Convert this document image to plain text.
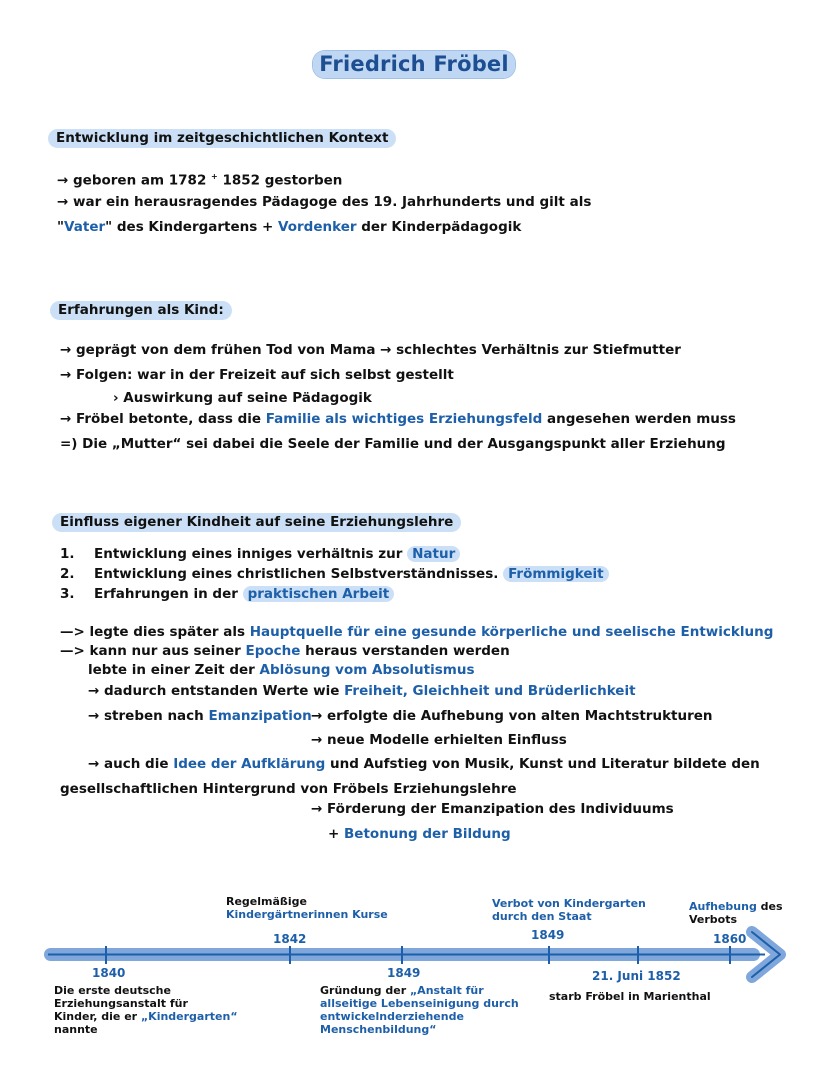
Friedrich Fröbel
Entwicklung im zeitgeschichtlichen Kontext
→ geboren am 1782 + 1852 gestorben
→ war ein herausragendes Pädagoge des 19. Jahrhunderts und gilt als
"Vater" des Kindergartens + Vordenker der Kinderpädagogik
Erfahrungen als Kind:
→ geprägt von dem frühen Tod von Mama → schlechtes Verhältnis zur Stiefmutter
→ Folgen: war in der Freizeit auf sich selbst gestellt
› Auswirkung auf seine Pädagogik
→ Fröbel betonte, dass die Familie als wichtiges Erziehungsfeld angesehen werden muss
=) Die „Mutter“ sei dabei die Seele der Familie und der Ausgangspunkt aller Erziehung
Einfluss eigener Kindheit auf seine Erziehungslehre
1. Entwicklung eines inniges verhältnis zur Natur
2. Entwicklung eines christlichen Selbstverständnisses. Frömmigkeit
3. Erfahrungen in der praktischen Arbeit
—> legte dies später als Hauptquelle für eine gesunde körperliche und seelische Entwicklung
—> kann nur aus seiner Epoche heraus verstanden werden
lebte in einer Zeit der Ablösung vom Absolutismus
→ dadurch entstanden Werte wie Freiheit, Gleichheit und Brüderlichkeit
→ streben nach Emanzipation → erfolgte die Aufhebung von alten Machtstrukturen
→ neue Modelle erhielten Einfluss
→ auch die Idee der Aufklärung und Aufstieg von Musik, Kunst und Literatur bildete den
gesellschaftlichen Hintergrund von Fröbels Erziehungslehre
→ Förderung der Emanzipation des Individuums
+ Betonung der Bildung
1840
Die erste deutsche
Erziehungsanstalt für
Kinder, die er „Kindergarten“
nannte
Regelmäßige
Kindergärtnerinnen Kurse
1842
1849
Gründung der „Anstalt für
allseitige Lebenseinigung durch
entwickelnderziehende
Menschenbildung“
Verbot von Kindergarten
durch den Staat
1849
21. Juni 1852
starb Fröbel in Marienthal
Aufhebung des
Verbots
1860
